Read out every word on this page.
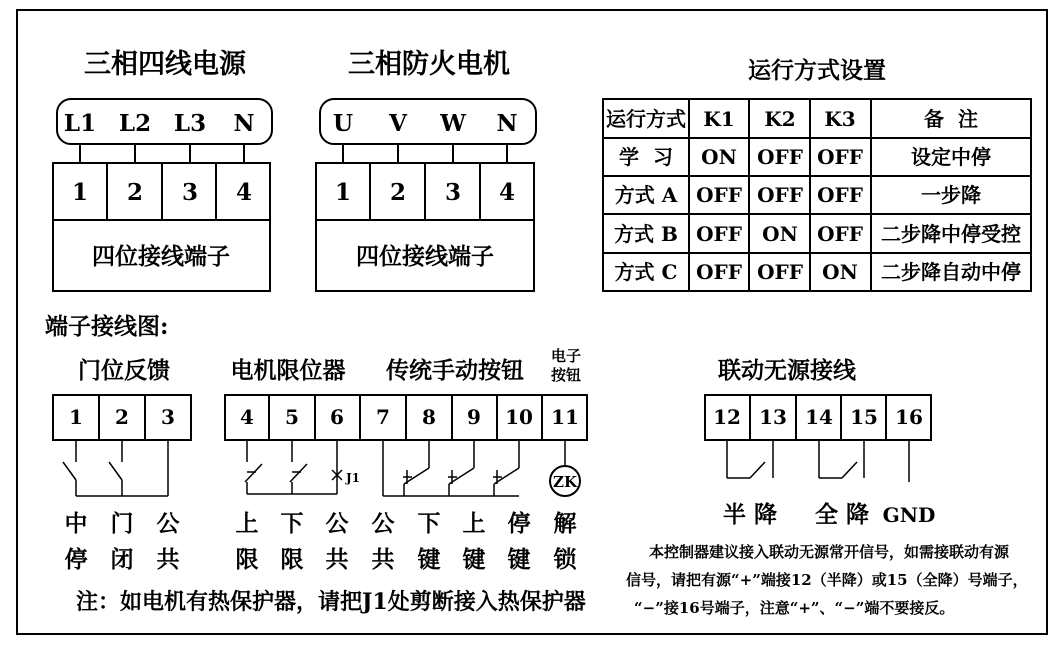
三相四线电源
L1 L2 L3 N
1 2 3 4
四位接线端子
三相防火电机
U V W N
1 2 3 4
四位接线端子
运行方式设置
运行方式 K1 K2 K3	备  注
学  习 ON OFF OFF 设定中停
方式 A OFF OFF OFF	一步降
方式 B OFF ON OFF 二步降中停受控
方式 C OFF OFF ON 二步降自动中停
端子接线图:
门位反馈	电机限位器 传统手动按钮
电子
按钮
1 2 3	4 5 6 7 8 9 10 11
J1	ZK
中 门 公 上 下 公 公 下 上 停 解
停 闭 共 限 限 共 共 键 键 键 锁
注：如电机有热保护器，请把J1处剪断接入热保护器
联动无源接线
12 13 14 15 16
半 降 全 降 GND
本控制器建议接入联动无源常开信号，如需接联动有源
信号，请把有源“+”端接12（半降）或15（全降）号端子，
“−”接16号端子，注意“+”、“−”端不要接反。
